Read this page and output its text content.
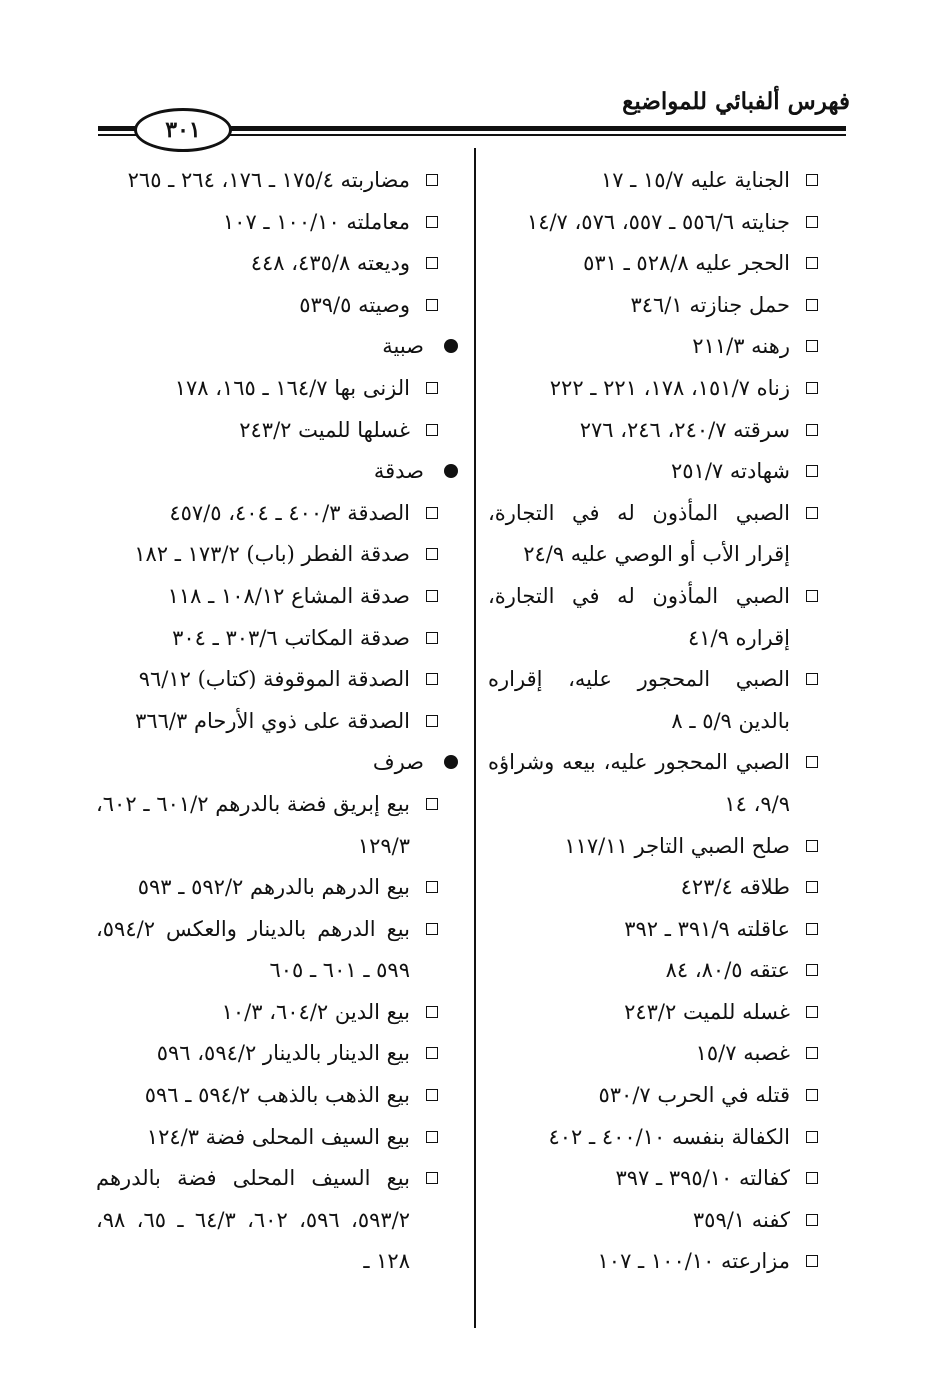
فهرس ألفبائي للمواضيع
٣٠١
الجناية عليه ١٥/٧ ـ ١٧
جنايته ٥٥٦/٦ ـ ٥٥٧، ٥٧٦، ١٤/٧
الحجر عليه ٥٢٨/٨ ـ ٥٣١
حمل جنازته ٣٤٦/١
رهنه ٢١١/٣
زناه ١٥١/٧، ١٧٨، ٢٢١ ـ ٢٢٢
سرقته ٢٤٠/٧، ٢٤٦، ٢٧٦
شهادته ٢٥١/٧
الصبي المأذون له في التجارة، إقرار الأب أو الوصي عليه ٢٤/٩
الصبي المأذون له في التجارة، إقراره ٤١/٩
الصبي المحجور عليه، إقراره بالدين ٥/٩ ـ ٨
الصبي المحجور عليه، بيعه وشراؤه ٩/٩، ١٤
صلح الصبي التاجر ١١٧/١١
طلاقه ٤٢٣/٤
عاقلته ٣٩١/٩ ـ ٣٩٢
عتقه ٨٠/٥، ٨٤
غسله للميت ٢٤٣/٢
غصبه ١٥/٧
قتله في الحرب ٥٣٠/٧
الكفالة بنفسه ٤٠٠/١٠ ـ ٤٠٢
كفالته ٣٩٥/١٠ ـ ٣٩٧
كفنه ٣٥٩/١
مزارعته ١٠٠/١٠ ـ ١٠٧
مضاربته ١٧٥/٤ ـ ١٧٦، ٢٦٤ ـ ٢٦٥
معاملته ١٠٠/١٠ ـ ١٠٧
وديعته ٤٣٥/٨، ٤٤٨
وصيته ٥٣٩/٥
صبية
الزنى بها ١٦٤/٧ ـ ١٦٥، ١٧٨
غسلها للميت ٢٤٣/٢
صدقة
الصدقة ٤٠٠/٣ ـ ٤٠٤، ٤٥٧/٥
صدقة الفطر (باب) ١٧٣/٢ ـ ١٨٢
صدقة المشاع ١٠٨/١٢ ـ ١١٨
صدقة المكاتب ٣٠٣/٦ ـ ٣٠٤
الصدقة الموقوفة (كتاب) ٩٦/١٢
الصدقة على ذوي الأرحام ٣٦٦/٣
صرف
بيع إبريق فضة بالدرهم ٦٠١/٢ ـ ٦٠٢، ١٢٩/٣
بيع الدرهم بالدرهم ٥٩٢/٢ ـ ٥٩٣
بيع الدرهم بالدينار والعكس ٥٩٤/٢، ٥٩٩ ـ ٦٠١ ـ ٦٠٥
بيع الدين ٦٠٤/٢، ١٠/٣
بيع الدينار بالدينار ٥٩٤/٢، ٥٩٦
بيع الذهب بالذهب ٥٩٤/٢ ـ ٥٩٦
بيع السيف المحلى فضة ١٢٤/٣
بيع السيف المحلى فضة بالدرهم ٥٩٣/٢، ٥٩٦، ٦٠٢، ٦٤/٣ ـ ٦٥، ٩٨، ١٢٨ ـ
